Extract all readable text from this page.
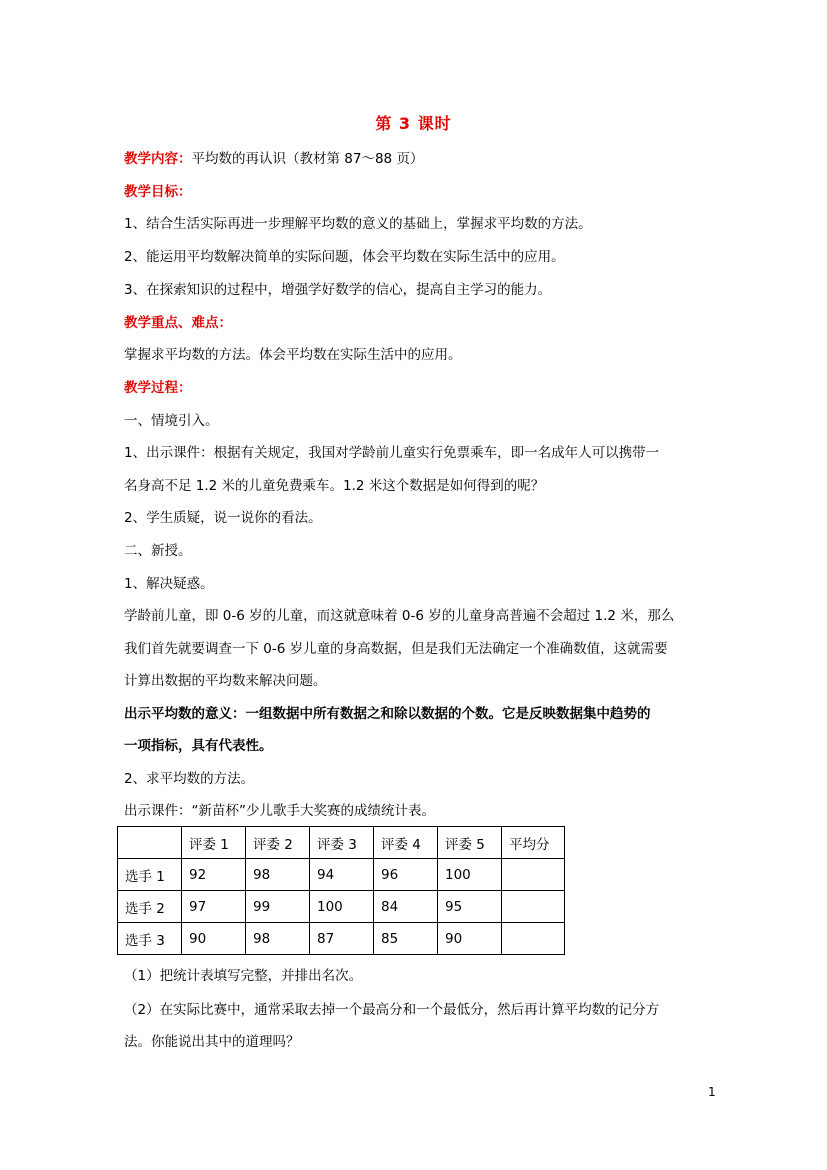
第 3 课时
教学内容：平均数的再认识（教材第 87～88 页）
教学目标：
1、结合生活实际再进一步理解平均数的意义的基础上，掌握求平均数的方法。
2、能运用平均数解决简单的实际问题，体会平均数在实际生活中的应用。
3、在探索知识的过程中，增强学好数学的信心，提高自主学习的能力。
教学重点、难点：
掌握求平均数的方法。体会平均数在实际生活中的应用。
教学过程：
一、情境引入。
1、出示课件：根据有关规定，我国对学龄前儿童实行免票乘车，即一名成年人可以携带一
名身高不足 1.2 米的儿童免费乘车。1.2 米这个数据是如何得到的呢？
2、学生质疑，说一说你的看法。
二、新授。
1、解决疑惑。
学龄前儿童，即 0-6 岁的儿童，而这就意味着 0-6 岁的儿童身高普遍不会超过 1.2 米，那么
我们首先就要调查一下 0-6 岁儿童的身高数据，但是我们无法确定一个准确数值，这就需要
计算出数据的平均数来解决问题。
出示平均数的意义：一组数据中所有数据之和除以数据的个数。它是反映数据集中趋势的
一项指标，具有代表性。
2、求平均数的方法。
出示课件：“新苗杯”少儿歌手大奖赛的成绩统计表。
	评委 1	评委 2	评委 3	评委 4	评委 5	平均分
选手 1	92	98	94	96	100	
选手 2	97	99	100	84	95	
选手 3	90	98	87	85	90	
（1）把统计表填写完整，并排出名次。
（2）在实际比赛中，通常采取去掉一个最高分和一个最低分，然后再计算平均数的记分方
法。你能说出其中的道理吗？
1
